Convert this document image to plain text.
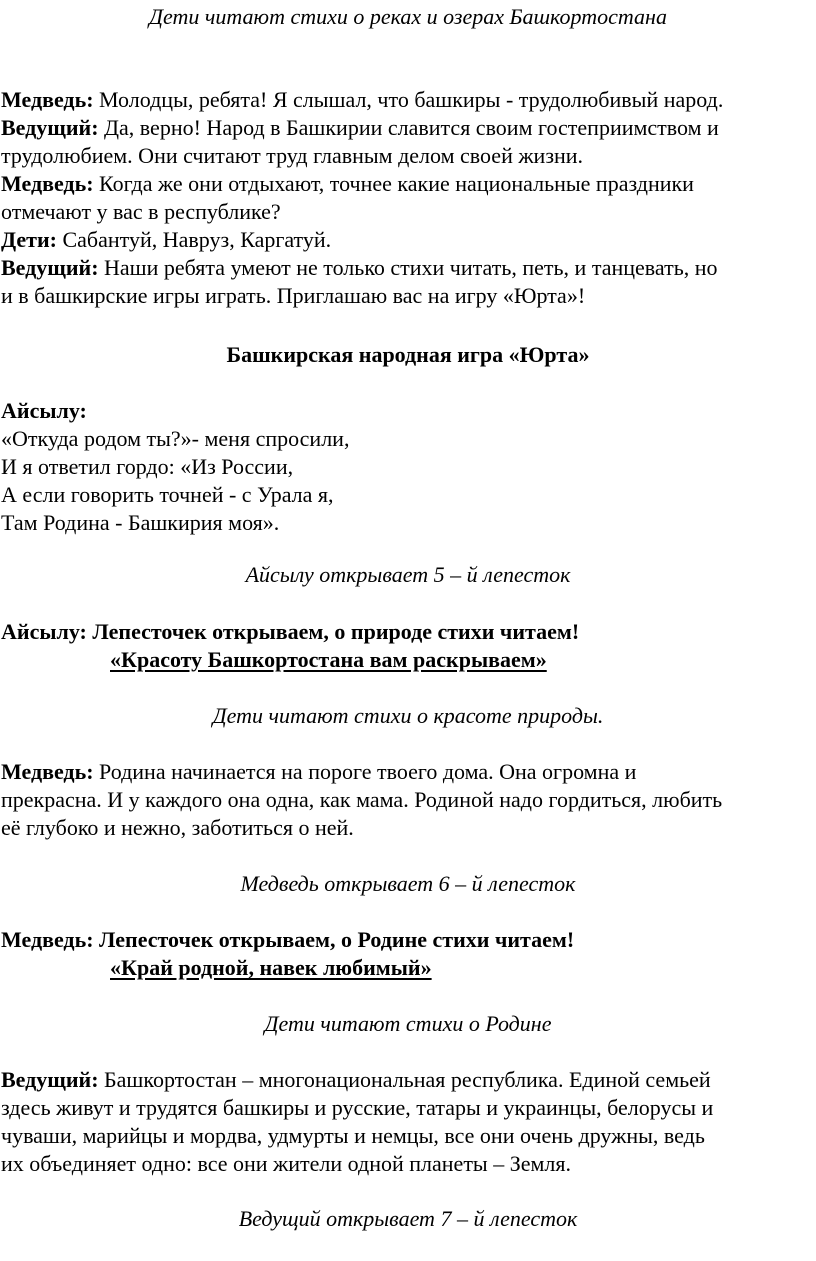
Дети читают стихи о реках и озерах Башкортостана
Медведь: Молодцы, ребята! Я слышал, что башкиры - трудолюбивый народ.
Ведущий: Да, верно! Народ в Башкирии славится своим гостеприимством и
трудолюбием. Они считают труд главным делом своей жизни.
Медведь: Когда же они отдыхают, точнее какие национальные праздники
отмечают у вас в республике?
Дети: Сабантуй, Навруз, Каргатуй.
Ведущий: Наши ребята умеют не только стихи читать, петь, и танцевать, но
и в башкирские игры играть. Приглашаю вас на игру «Юрта»!
Башкирская народная игра «Юрта»
Айсылу:
«Откуда родом ты?»- меня спросили,
И я ответил гордо: «Из России,
А если говорить точней - с Урала я,
Там Родина - Башкирия моя».
Айсылу открывает 5 – й лепесток
Айсылу: Лепесточек открываем, о природе стихи читаем!
«Красоту Башкортостана вам раскрываем»
Дети читают стихи о красоте природы.
Медведь: Родина начинается на пороге твоего дома. Она огромна и
прекрасна. И у каждого она одна, как мама. Родиной надо гордиться, любить
её глубоко и нежно, заботиться о ней.
Медведь открывает 6 – й лепесток
Медведь: Лепесточек открываем, о Родине стихи читаем!
«Край родной, навек любимый»
Дети читают стихи о Родине
Ведущий: Башкортостан – многонациональная республика. Единой семьей
здесь живут и трудятся башкиры и русские, татары и украинцы, белорусы и
чуваши, марийцы и мордва, удмурты и немцы, все они очень дружны, ведь
их объединяет одно: все они жители одной планеты – Земля.
Ведущий открывает 7 – й лепесток
